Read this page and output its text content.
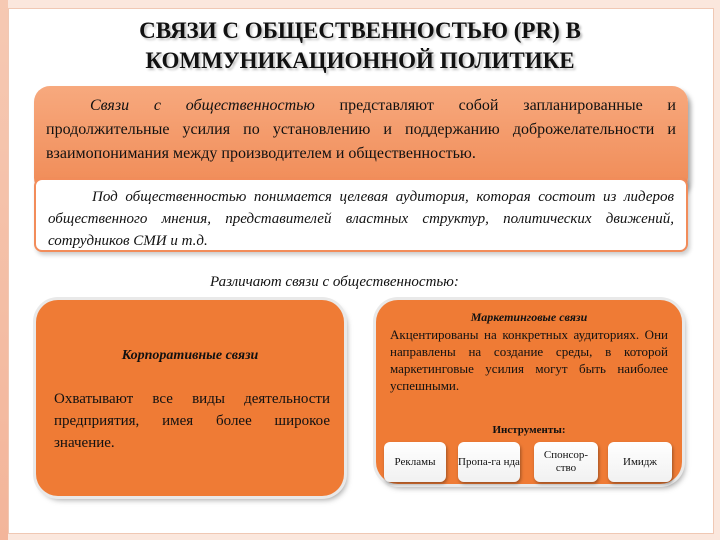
СВЯЗИ С ОБЩЕСТВЕННОСТЬЮ (PR) В КОММУНИКАЦИОННОЙ ПОЛИТИКЕ
Связи с общественностью представляют собой запланированные и продолжительные усилия по установлению и поддержанию доброжелательности и взаимопонимания между производителем и общественностью.
Под общественностью понимается целевая аудитория, которая состоит из лидеров общественного мнения, представителей властных структур, политических движений, сотрудников СМИ и т.д.
Различают связи с общественностью:
Корпоративные связи
Охватывают все виды деятельности предприятия, имея более широкое значение.
Маркетинговые связи
Акцентированы на конкретных аудиториях. Они направлены на создание среды, в которой маркетинговые усилия могут быть наиболее успешными.
Инструменты:
Рекламы	Пропа-га нда
Спонсор-ство
Имидж
